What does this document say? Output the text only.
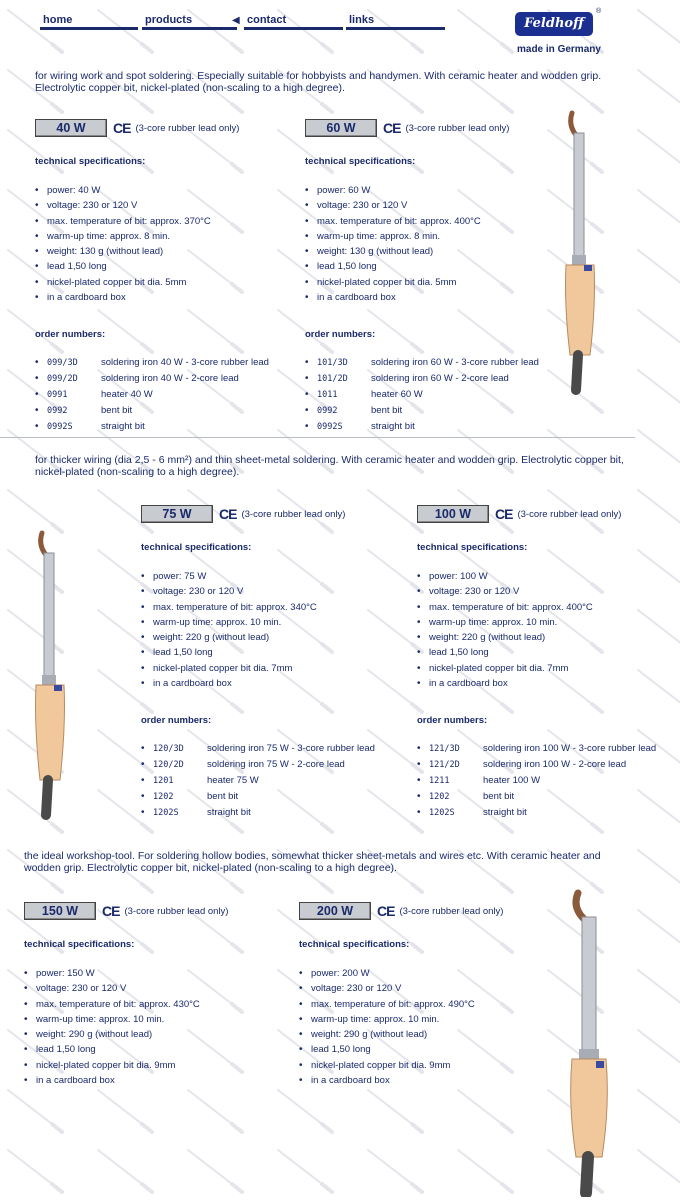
home	products	◀ contact	links	Feldhoff
®
made in Germany
for wiring work and spot soldering. Especially suitable for hobbyists and handymen. With ceramic heater and wodden grip. Electrolytic copper bit, nickel-plated (non-scaling to a high degree).
40 W	CE (3-core rubber lead only)
technical specifications:
• power: 40 W
• voltage: 230 or 120 V
• max. temperature of bit: approx. 370°C
• warm-up time: approx. 8 min.
• weight: 130 g (without lead)
• lead 1,50 long
• nickel-plated copper bit dia. 5mm
• in a cardboard box
order numbers:
• 099/3D soldering iron 40 W - 3-core rubber lead
• 099/2D soldering iron 40 W - 2-core lead
• 0991	heater 40 W
• 0992	bent bit
• 0992S	straight bit
60 W	CE (3-core rubber lead only)
technical specifications:
• power: 60 W
• voltage: 230 or 120 V
• max. temperature of bit: approx. 400°C
• warm-up time: approx. 8 min.
• weight: 130 g (without lead)
• lead 1,50 long
• nickel-plated copper bit dia. 5mm
• in a cardboard box
order numbers:
• 101/3D soldering iron 60 W - 3-core rubber lead
• 101/2D soldering iron 60 W - 2-core lead
• 1011	heater 60 W
• 0992	bent bit
• 0992S	straight bit
for thicker wiring (dia 2,5 - 6 mm²) and thin sheet-metal soldering. With ceramic heater and wodden grip. Electrolytic copper bit, nickel-plated (non-scaling to a high degree).
75 W	CE (3-core rubber lead only)
technical specifications:
• power: 75 W
• voltage: 230 or 120 V
• max. temperature of bit: approx. 340°C
• warm-up time: approx. 10 min.
• weight: 220 g (without lead)
• lead 1,50 long
• nickel-plated copper bit dia. 7mm
• in a cardboard box
order numbers:
• 120/3D soldering iron 75 W - 3-core rubber lead
• 120/2D soldering iron 75 W - 2-core lead
• 1201	heater 75 W
• 1202	bent bit
• 1202S	straight bit
100 W	CE (3-core rubber lead only)
technical specifications:
• power: 100 W
• voltage: 230 or 120 V
• max. temperature of bit: approx. 400°C
• warm-up time: approx. 10 min.
• weight: 220 g (without lead)
• lead 1,50 long
• nickel-plated copper bit dia. 7mm
• in a cardboard box
order numbers:
• 121/3D soldering iron 100 W - 3-core rubber lead
• 121/2D soldering iron 100 W - 2-core lead
• 1211	heater 100 W
• 1202	bent bit
• 1202S	straight bit
the ideal workshop-tool. For soldering hollow bodies, somewhat thicker sheet-metals and wires etc. With ceramic heater and wodden grip. Electrolytic copper bit, nickel-plated (non-scaling to a high degree).
150 W	CE (3-core rubber lead only)
technical specifications:
• power: 150 W
• voltage: 230 or 120 V
• max. temperature of bit: approx. 430°C
• warm-up time: approx. 10 min.
• weight: 290 g (without lead)
• lead 1,50 long
• nickel-plated copper bit dia. 9mm
• in a cardboard box
200 W	CE (3-core rubber lead only)
technical specifications:
• power: 200 W
• voltage: 230 or 120 V
• max. temperature of bit: approx. 490°C
• warm-up time: approx. 10 min.
• weight: 290 g (without lead)
• lead 1,50 long
• nickel-plated copper bit dia. 9mm
• in a cardboard box
